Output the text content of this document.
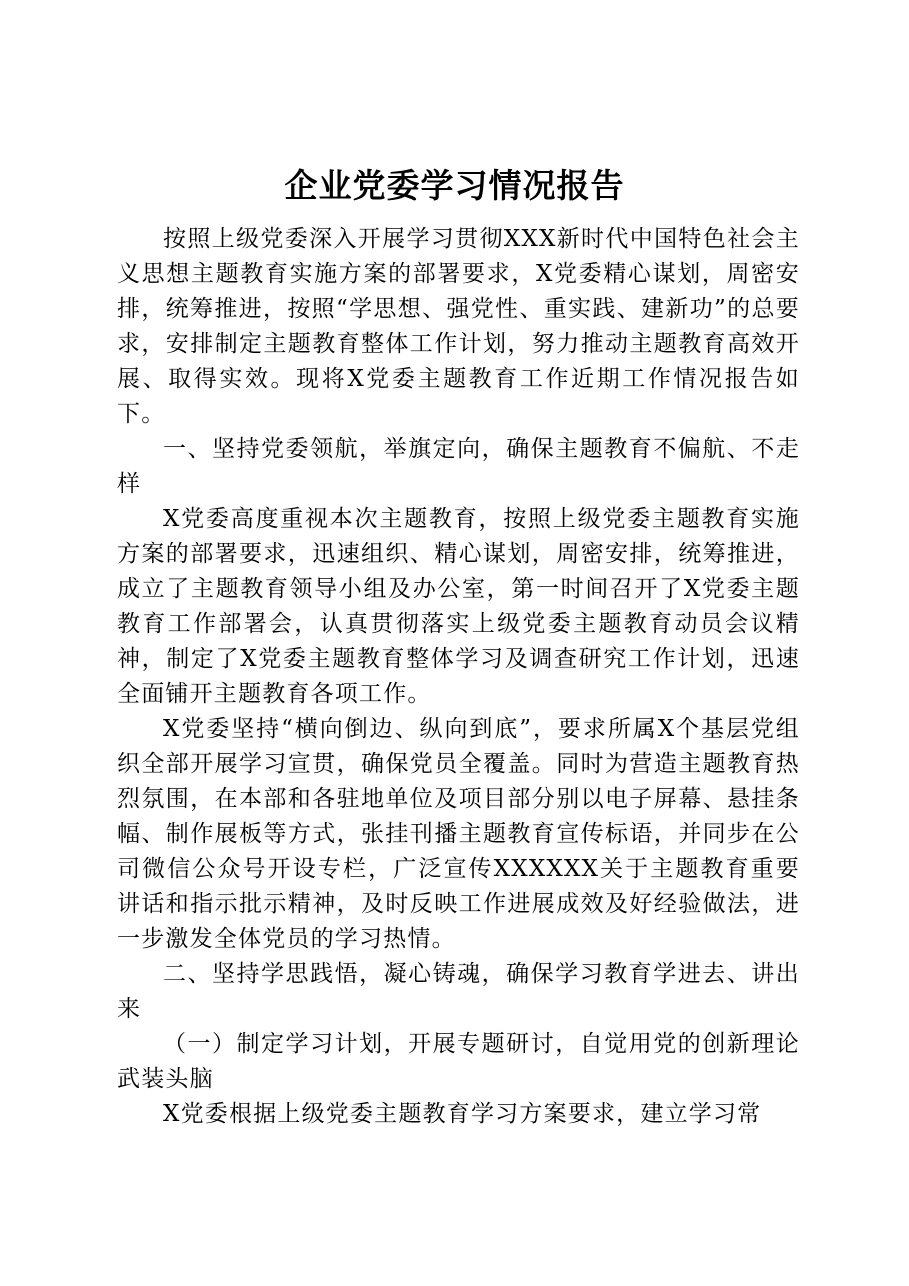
企业党委学习情况报告

按照上级党委深入开展学习贯彻XXX新时代中国特色社会主义思想主题教育实施方案的部署要求，X党委精心谋划，周密安排，统筹推进，按照“学思想、强党性、重实践、建新功”的总要求，安排制定主题教育整体工作计划，努力推动主题教育高效开展、取得实效。现将X党委主题教育工作近期工作情况报告如下。

一、坚持党委领航，举旗定向，确保主题教育不偏航、不走样

X党委高度重视本次主题教育，按照上级党委主题教育实施方案的部署要求，迅速组织、精心谋划，周密安排，统筹推进，成立了主题教育领导小组及办公室，第一时间召开了X党委主题教育工作部署会，认真贯彻落实上级党委主题教育动员会议精神，制定了X党委主题教育整体学习及调查研究工作计划，迅速全面铺开主题教育各项工作。

X党委坚持“横向倒边、纵向到底”，要求所属X个基层党组织全部开展学习宣贯，确保党员全覆盖。同时为营造主题教育热烈氛围，在本部和各驻地单位及项目部分别以电子屏幕、悬挂条幅、制作展板等方式，张挂刊播主题教育宣传标语，并同步在公司微信公众号开设专栏，广泛宣传XXXXXX关于主题教育重要讲话和指示批示精神，及时反映工作进展成效及好经验做法，进一步激发全体党员的学习热情。

二、坚持学思践悟，凝心铸魂，确保学习教育学进去、讲出来

（一）制定学习计划，开展专题研讨，自觉用党的创新理论武装头脑

X党委根据上级党委主题教育学习方案要求，建立学习常
